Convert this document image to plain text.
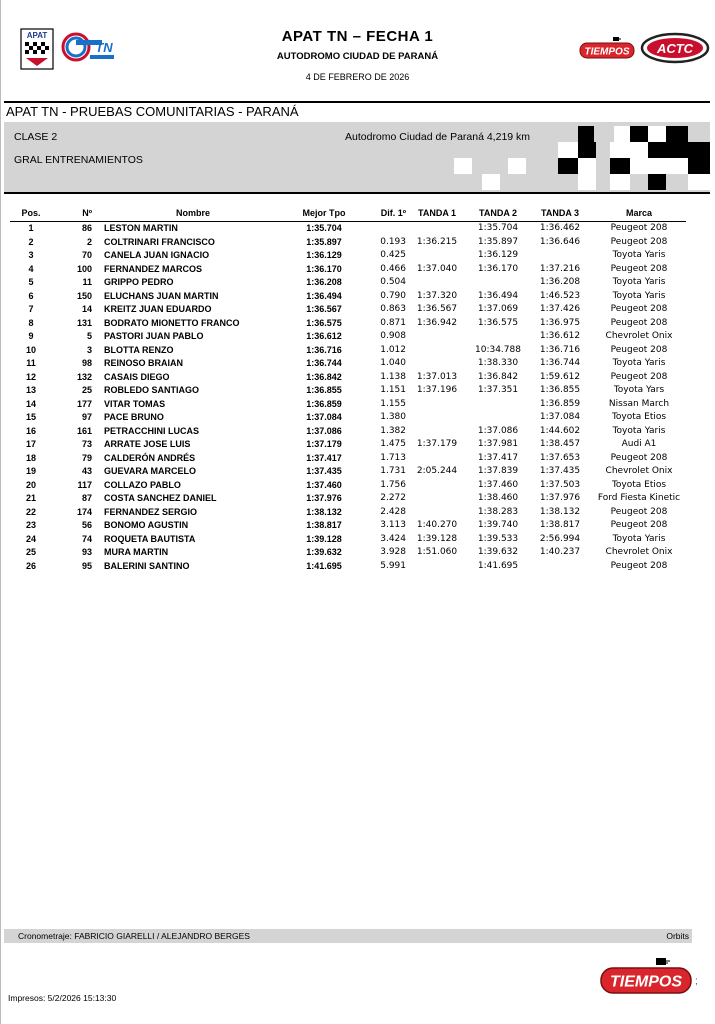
APAT
TN
APAT TN – FECHA 1
AUTODROMO CIUDAD DE PARANÁ
4 DE FEBRERO DE 2026
TIEMPOS ACTC
APAT TN - PRUEBAS COMUNITARIAS - PARANÁ
CLASE 2	Autodromo Ciudad de Paraná 4,219 km
GRAL ENTRENAMIENTOS
Pos.	Nº	Nombre	Mejor Tpo	Dif. 1º	TANDA 1	TANDA 2	TANDA 3	Marca
1	86	LESTON MARTIN	1:35.704			1:35.704	1:36.462	Peugeot 208
2	2	COLTRINARI FRANCISCO	1:35.897	0.193	1:36.215	1:35.897	1:36.646	Peugeot 208
3	70	CANELA JUAN IGNACIO	1:36.129	0.425		1:36.129		Toyota Yaris
4	100	FERNANDEZ MARCOS	1:36.170	0.466	1:37.040	1:36.170	1:37.216	Peugeot 208
5	11	GRIPPO PEDRO	1:36.208	0.504			1:36.208	Toyota Yaris
6	150	ELUCHANS JUAN MARTIN	1:36.494	0.790	1:37.320	1:36.494	1:46.523	Toyota Yaris
7	14	KREITZ JUAN EDUARDO	1:36.567	0.863	1:36.567	1:37.069	1:37.426	Peugeot 208
8	131	BODRATO MIONETTO FRANCO	1:36.575	0.871	1:36.942	1:36.575	1:36.975	Peugeot 208
9	5	PASTORI JUAN PABLO	1:36.612	0.908			1:36.612	Chevrolet Onix
10	3	BLOTTA RENZO	1:36.716	1.012		10:34.788	1:36.716	Peugeot 208
11	98	REINOSO BRAIAN	1:36.744	1.040		1:38.330	1:36.744	Toyota Yaris
12	132	CASAIS DIEGO	1:36.842	1.138	1:37.013	1:36.842	1:59.612	Peugeot 208
13	25	ROBLEDO SANTIAGO	1:36.855	1.151	1:37.196	1:37.351	1:36.855	Toyota Yars
14	177	VITAR TOMAS	1:36.859	1.155			1:36.859	Nissan March
15	97	PACE BRUNO	1:37.084	1.380			1:37.084	Toyota Etios
16	161	PETRACCHINI LUCAS	1:37.086	1.382		1:37.086	1:44.602	Toyota Yaris
17	73	ARRATE JOSE LUIS	1:37.179	1.475	1:37.179	1:37.981	1:38.457	Audi A1
18	79	CALDERÓN ANDRÉS	1:37.417	1.713		1:37.417	1:37.653	Peugeot 208
19	43	GUEVARA MARCELO	1:37.435	1.731	2:05.244	1:37.839	1:37.435	Chevrolet Onix
20	117	COLLAZO PABLO	1:37.460	1.756		1:37.460	1:37.503	Toyota Etios
21	87	COSTA SANCHEZ DANIEL	1:37.976	2.272		1:38.460	1:37.976	Ford Fiesta Kinetic
22	174	FERNANDEZ SERGIO	1:38.132	2.428		1:38.283	1:38.132	Peugeot 208
23	56	BONOMO AGUSTIN	1:38.817	3.113	1:40.270	1:39.740	1:38.817	Peugeot 208
24	74	ROQUETA BAUTISTA	1:39.128	3.424	1:39.128	1:39.533	2:56.994	Toyota Yaris
25	93	MURA MARTIN	1:39.632	3.928	1:51.060	1:39.632	1:40.237	Chevrolet Onix
26	95	BALERINI SANTINO	1:41.695	5.991		1:41.695		Peugeot 208
Cronometraje: FABRICIO GIARELLI / ALEJANDRO BERGES	Orbits
TIEMPOS ;
Impresos: 5/2/2026 15:13:30
